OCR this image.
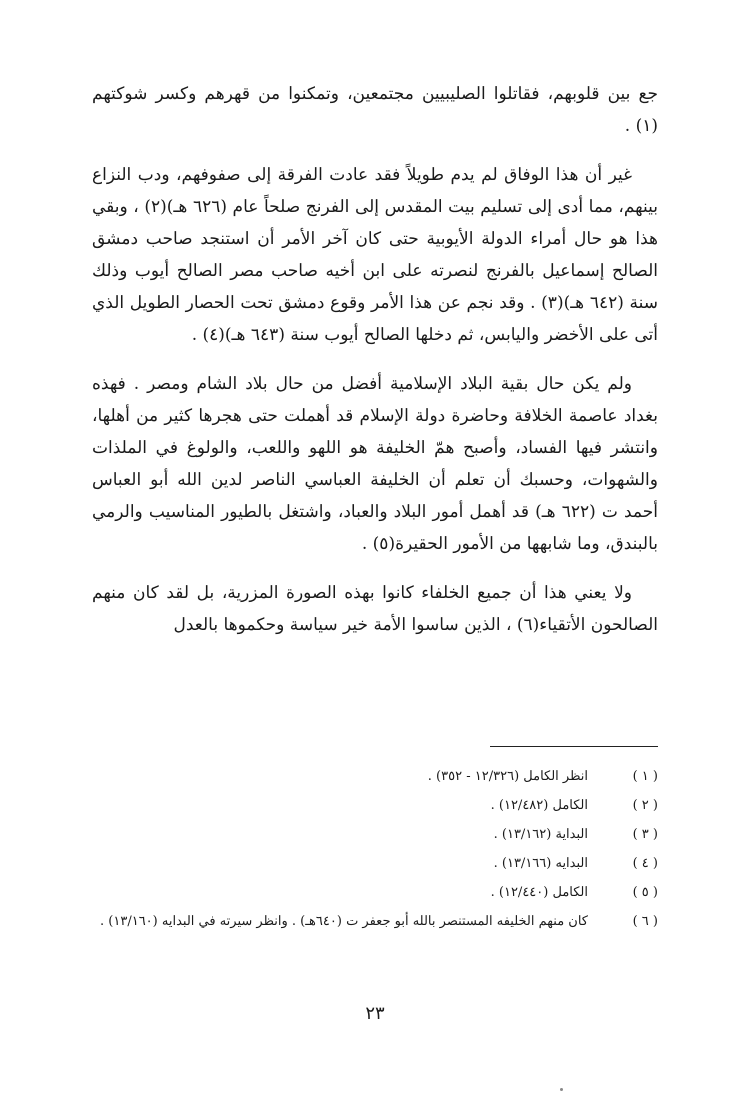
جع بين قلوبهم، فقاتلوا الصليبيين مجتمعين، وتمكنوا من قهرهم وكسر شوكتهم (١) .

غير أن هذا الوفاق لم يدم طويلاً فقد عادت الفرقة إلى صفوفهم، ودب النزاع بينهم، مما أدى إلى تسليم بيت المقدس إلى الفرنج صلحاً عام (٦٢٦ هـ)(٢) ، وبقي هذا هو حال أمراء الدولة الأيوبية حتى كان آخر الأمر أن استنجد صاحب دمشق الصالح إسماعيل بالفرنج لنصرته على ابن أخيه صاحب مصر الصالح أيوب وذلك سنة (٦٤٢ هـ)(٣) . وقد نجم عن هذا الأمر وقوع دمشق تحت الحصار الطويل الذي أتى على الأخضر واليابس، ثم دخلها الصالح أيوب سنة (٦٤٣ هـ)(٤) .

ولم يكن حال بقية البلاد الإسلامية أفضل من حال بلاد الشام ومصر . فهذه بغداد عاصمة الخلافة وحاضرة دولة الإسلام قد أهملت حتى هجرها كثير من أهلها، وانتشر فيها الفساد، وأصبح همّ الخليفة هو اللهو واللعب، والولوغ في الملذات والشهوات، وحسبك أن تعلم أن الخليفة العباسي الناصر لدين الله أبو العباس أحمد ت (٦٢٢ هـ) قد أهمل أمور البلاد والعباد، واشتغل بالطيور المناسيب والرمي بالبندق، وما شابهها من الأمور الحقيرة(٥) .

ولا يعني هذا أن جميع الخلفاء كانوا بهذه الصورة المزرية، بل لقد كان منهم الصالحون الأتقياء(٦) ، الذين ساسوا الأمة خير سياسة وحكموها بالعدل

( ١ )
انظر الكامل (١٢/٣٢٦ - ٣٥٢) .
( ٢ )
الكامل (١٢/٤٨٢) .
( ٣ )
البداية (١٣/١٦٢) .
( ٤ )
البدايه (١٣/١٦٦) .
( ٥ )
الكامل (١٢/٤٤٠) .
( ٦ )
كان منهم الخليفه المستنصر بالله أبو جعفر ت (٦٤٠هـ) . وانظر سيرته في البدايه (١٣/١٦٠) .
٢٣
